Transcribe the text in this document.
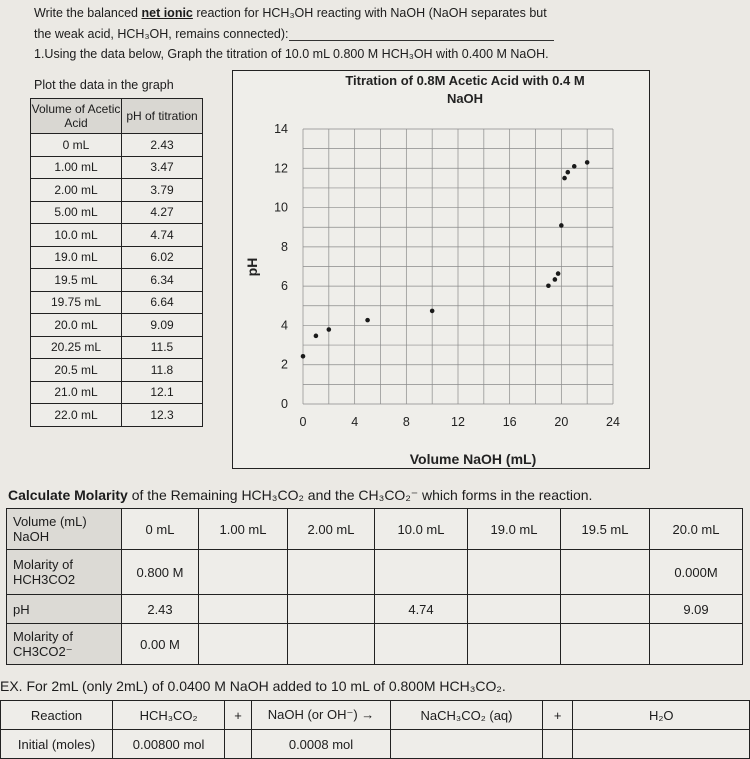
Write the balanced net ionic reaction for HCH₃OH reacting with NaOH (NaOH separates but
the weak acid, HCH₃OH, remains connected):
1.Using the data below, Graph the titration of 10.0 mL 0.800 M HCH₃OH with 0.400 M NaOH.
Plot the data in the graph
Volume of Acetic Acid	pH of titration
0 mL	2.43
1.00 mL	3.47
2.00 mL	3.79
5.00 mL	4.27
10.0 mL	4.74
19.0 mL	6.02
19.5 mL	6.34
19.75 mL	6.64
20.0 mL	9.09
20.25 mL	11.5
20.5 mL	11.8
21.0 mL	12.1
22.0 mL	12.3
0	4	8	12	16	20	24
0
2
4
6
8
10
12
14
Titration of 0.8M Acetic Acid with 0.4 M
NaOH
Volume NaOH (mL)
pH
Calculate Molarity of the Remaining HCH₃CO₂ and the CH₃CO₂⁻ which forms in the reaction.
Volume (mL) NaOH	0 mL	1.00 mL	2.00 mL	10.0 mL	19.0 mL	19.5 mL	20.0 mL
Molarity of HCH3CO2	0.800 M						0.000M
pH	2.43			4.74			9.09
Molarity of CH3CO2⁻	0.00 M						
EX. For 2mL (only 2mL) of 0.0400 M NaOH added to 10 mL of 0.800M HCH₃CO₂.
Reaction	HCH₃CO₂	+	NaOH (or OH⁻) →	NaCH₃CO₂ (aq)	+	H₂O
Initial (moles)	0.00800 mol		0.0008 mol			
